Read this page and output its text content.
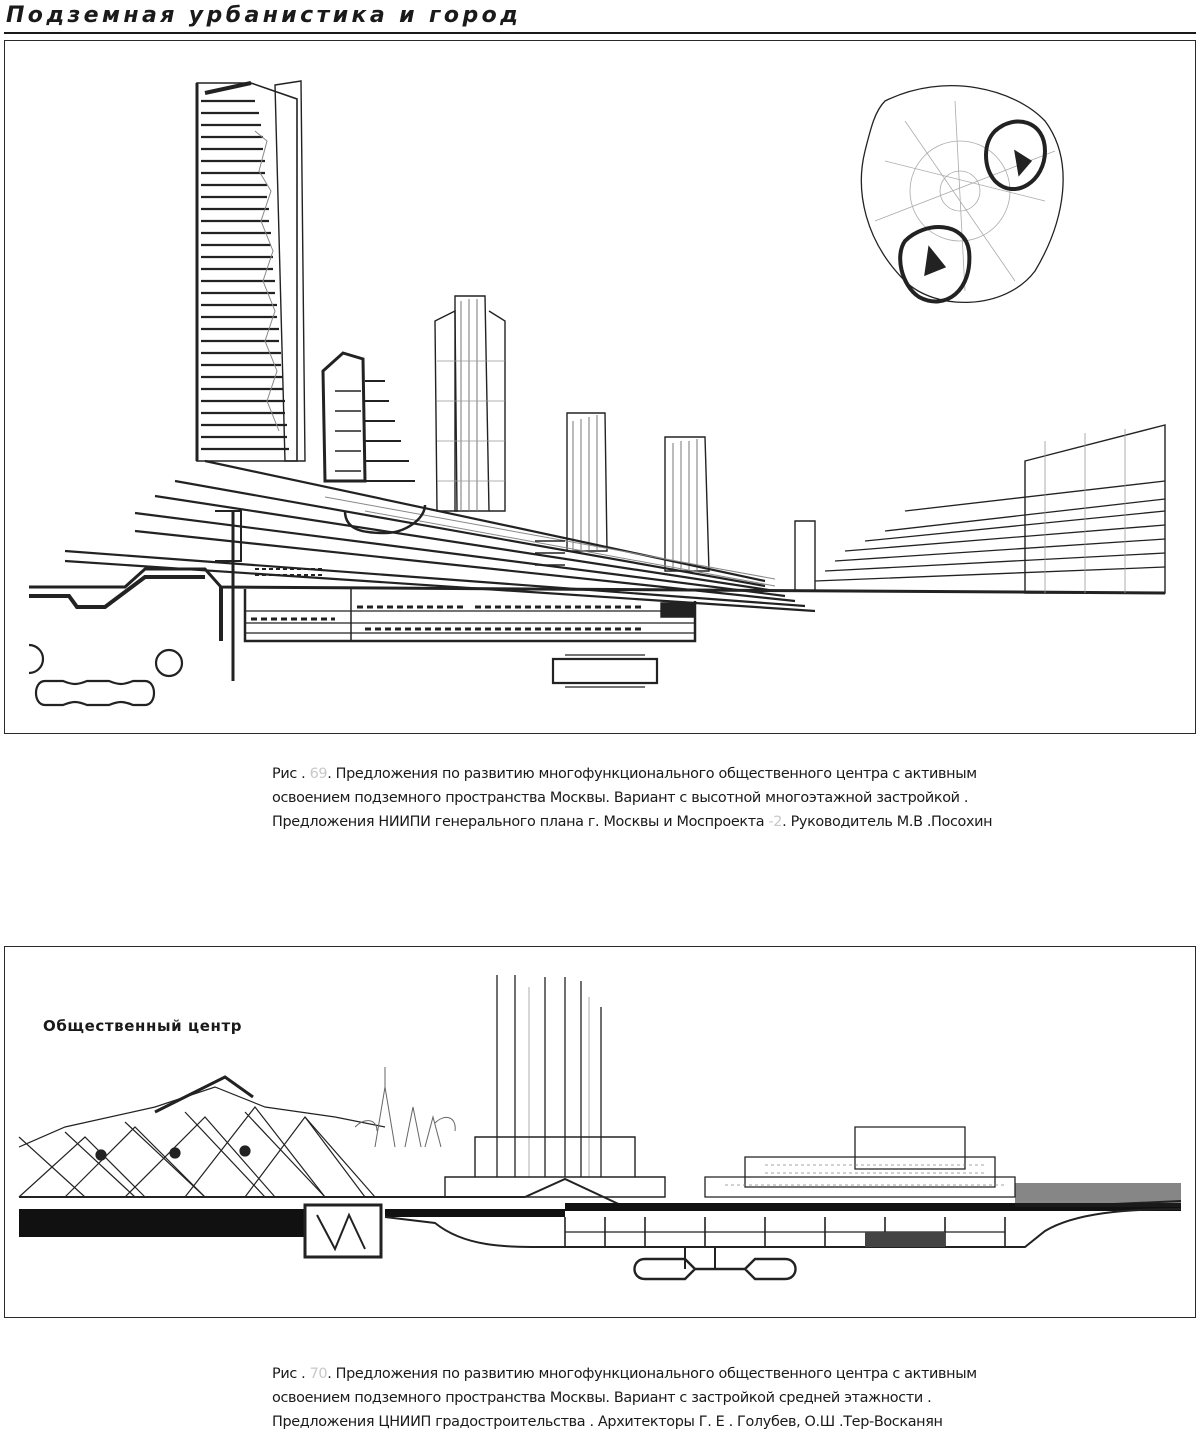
Подземная урбанистика и город
Рис . 69. Предложения по развитию многофункционального общественного центра с активным
освоением подземного пространства Москвы. Вариант с высотной многоэтажной застройкой .
Предложения НИИПИ генерального плана г. Москвы и Моспроекта -2. Руководитель М.В .Посохин
Общественный центр
Рис . 70. Предложения по развитию многофункционального общественного центра с активным
освоением подземного пространства Москвы. Вариант с застройкой средней этажности .
Предложения ЦНИИП градостроительства . Архитекторы Г. Е . Голубев, О.Ш .Тер-Восканян
